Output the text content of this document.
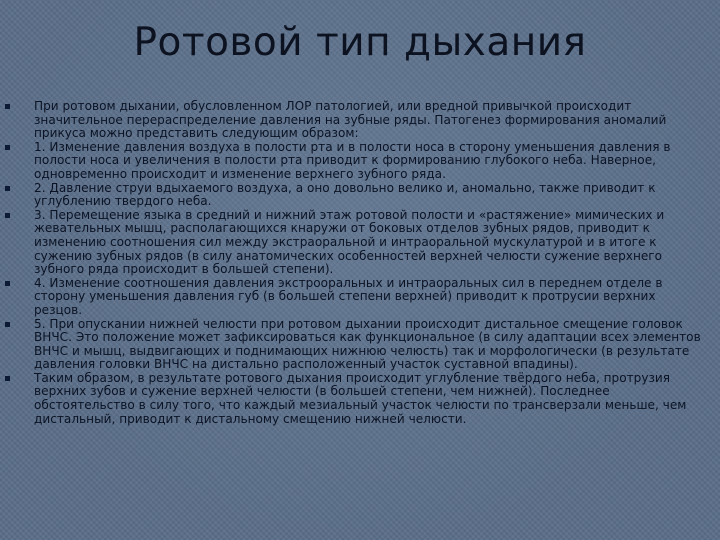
Ротовой тип дыхания
При ротовом дыхании, обусловленном ЛОР патологией, или вредной привычкой происходит значительное перераспределение давления на зубные ряды. Патогенез формирования аномалий прикуса можно представить следующим образом:
1. Изменение давления воздуха в полости рта и в полости носа в сторону уменьшения давления в полости носа и увеличения в полости рта приводит к формированию глубокого неба. Наверное, одновременно происходит и изменение верхнего зубного ряда.
2. Давление струи вдыхаемого воздуха, а оно довольно велико и, аномально, также приводит к углублению твердого неба.
3. Перемещение языка в средний и нижний этаж ротовой полости и «растяжение» мимических и жевательных мышц, располагающихся кнаружи от боковых отделов зубных рядов, приводит к изменению соотношения сил между экстраоральной и интраоральной мускулатурой и в итоге к сужению зубных рядов (в силу анатомических особенностей верхней челюсти сужение верхнего зубного ряда происходит в большей степени).
4. Изменение соотношения давления экстрооральных и интраоральных сил в переднем отделе в сторону уменьшения давления губ (в большей степени верхней) приводит к протрусии верхних резцов.
5. При опускании нижней челюсти при ротовом дыхании происходит дистальное смещение головок ВНЧС. Это положение может зафиксироваться как функциональное (в силу адаптации всех элементов ВНЧС и мышц, выдвигающих и поднимающих нижнюю челюсть) так и морфологически (в результате давления головки ВНЧС на дистально расположенный участок суставной впадины).
Таким образом, в результате ротового дыхания происходит углубление твёрдого неба, протрузия верхних зубов и сужение верхней челюсти (в большей степени, чем нижней). Последнее обстоятельство в силу того, что каждый мезиальный участок челюсти по трансверзали меньше, чем дистальный, приводит к дистальному смещению нижней челюсти.
